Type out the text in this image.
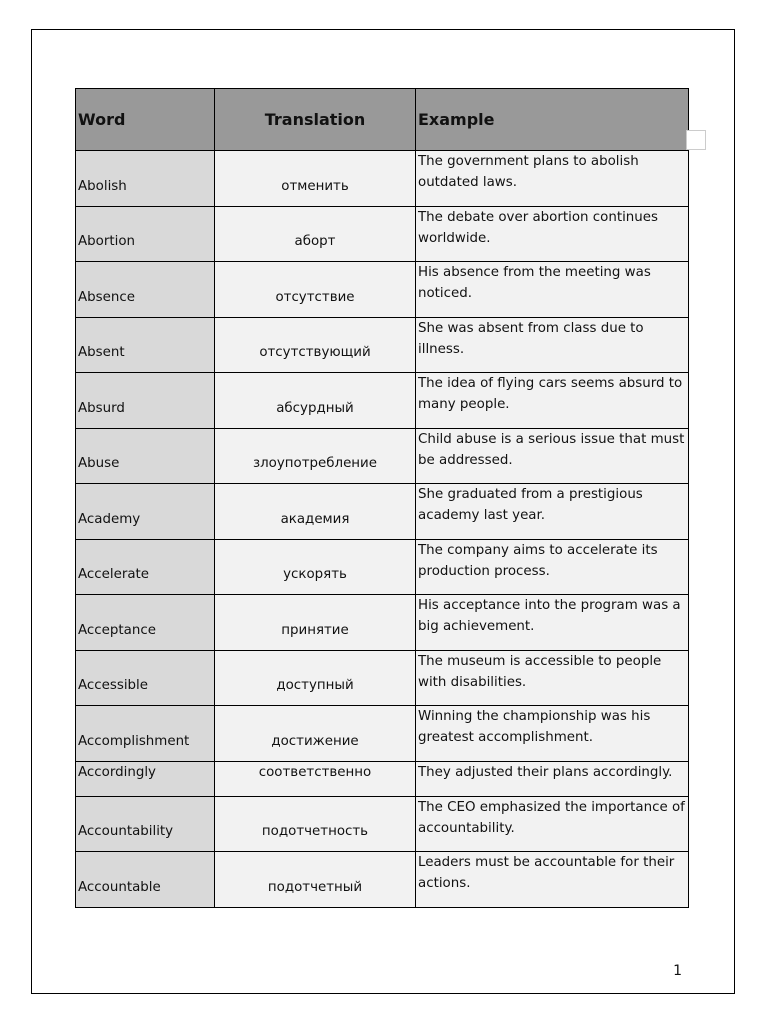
Word	Translation	Example
Abolish	отменить	The government plans to abolish outdated laws.
Abortion	аборт	The debate over abortion continues worldwide.
Absence	отсутствие	His absence from the meeting was noticed.
Absent	отсутствующий	She was absent from class due to illness.
Absurd	абсурдный	The idea of flying cars seems absurd to many people.
Abuse	злоупотребление	Child abuse is a serious issue that must be addressed.
Academy	академия	She graduated from a prestigious academy last year.
Accelerate	ускорять	The company aims to accelerate its production process.
Acceptance	принятие	His acceptance into the program was a big achievement.
Accessible	доступный	The museum is accessible to people with disabilities.
Accomplishment	достижение	Winning the championship was his greatest accomplishment.
Accordingly	соответственно	They adjusted their plans accordingly.
Accountability	подотчетность	The CEO emphasized the importance of accountability.
Accountable	подотчетный	Leaders must be accountable for their actions.
1
